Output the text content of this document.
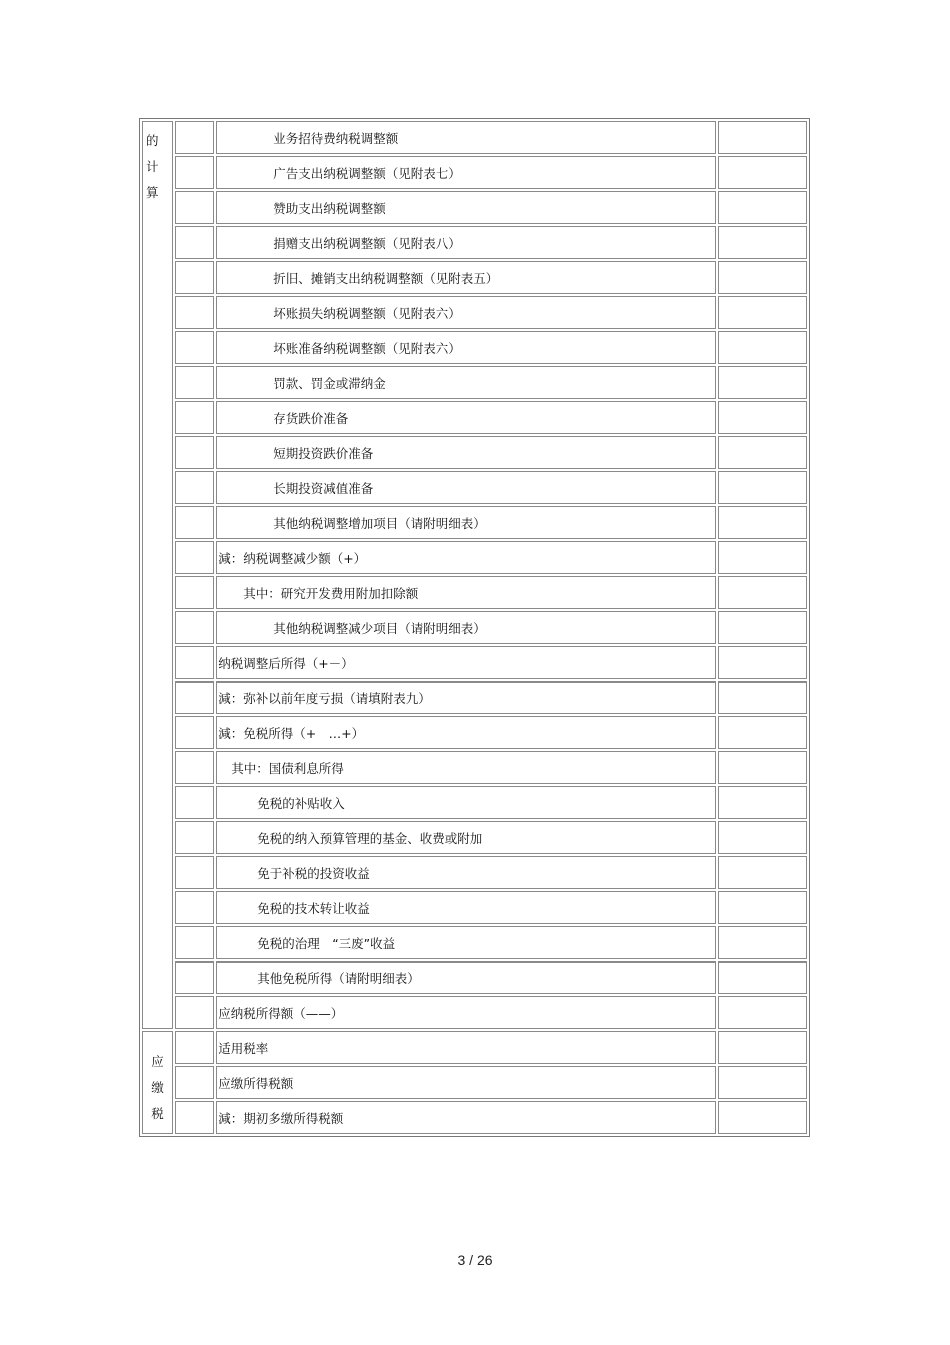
的
计
算		业务招待费纳税调整额	

		广告支出纳税调整额（见附表七）	

		赞助支出纳税调整额	

		捐赠支出纳税调整额（见附表八）	

		折旧、摊销支出纳税调整额（见附表五）	

		坏账损失纳税调整额（见附表六）	

		坏账准备纳税调整额（见附表六）	

		罚款、罚金或滞纳金	

		存货跌价准备	

		短期投资跌价准备	

		长期投资减值准备	

		其他纳税调整增加项目（请附明细表）	

		減：纳税调整减少额（+）	

		其中：研究开发费用附加扣除额	

		其他纳税调整减少项目（请附明细表）	

		纳税调整后所得（+－）	

		減：弥补以前年度亏损（请填附表九）	

		減：免税所得（+　…+）	

		其中：国债利息所得	

		免税的补贴收入	

		免税的纳入预算管理的基金、收费或附加	

		免于补税的投资收益	

		免税的技术转让收益	

		免税的治理　“三废”收益	

		其他免税所得（请附明细表）	

		应纳税所得额（——）	

应
缴
税		适用税率	

		应缴所得税额	

		減：期初多缴所得税额	

3 / 26
